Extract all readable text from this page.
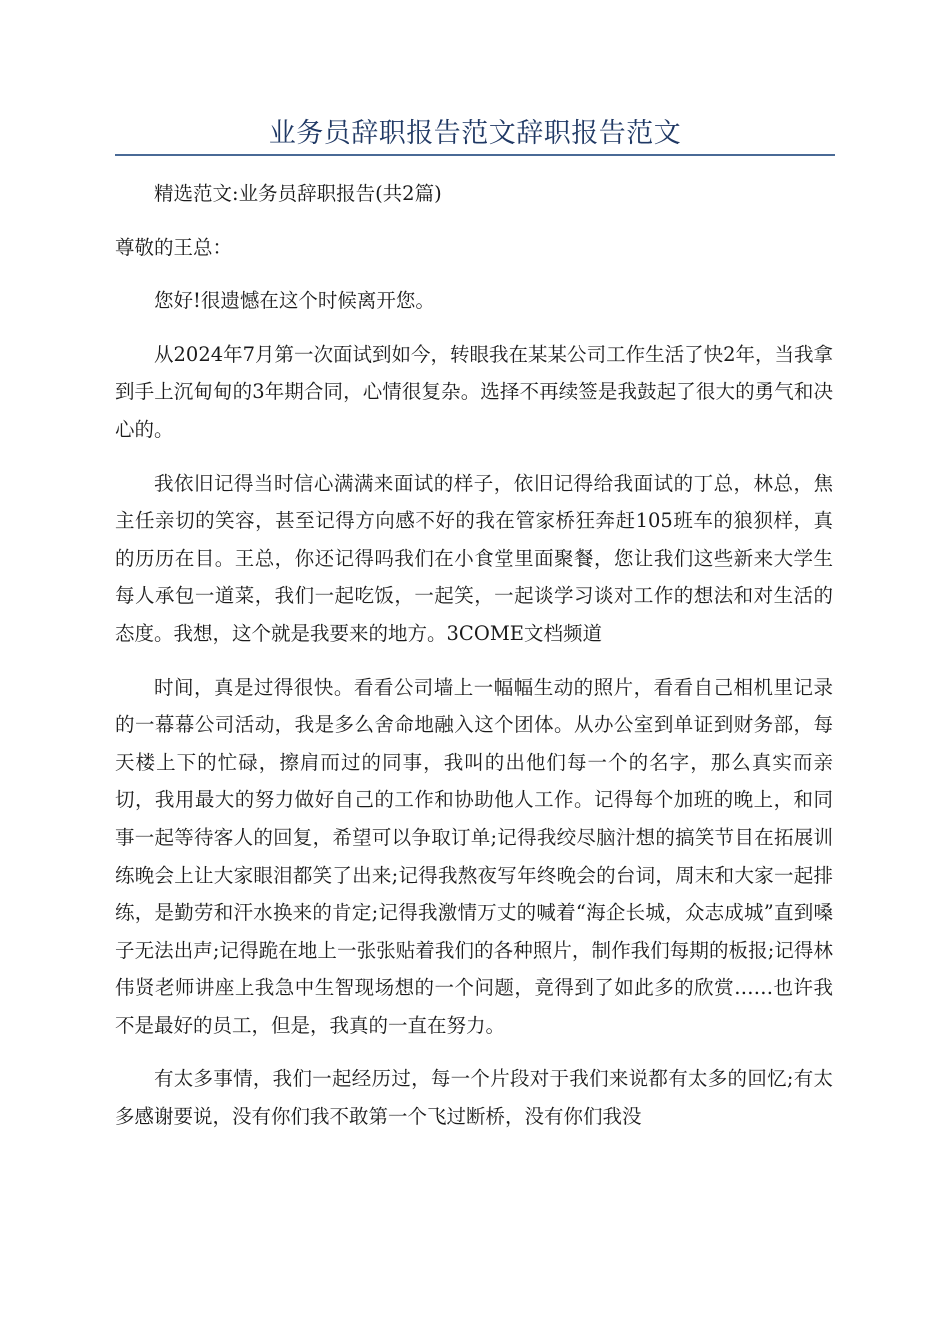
业务员辞职报告范文辞职报告范文

精选范文:业务员辞职报告(共2篇)

尊敬的王总：

您好!很遗憾在这个时候离开您。

从2024年7月第一次面试到如今，转眼我在某某公司工作生活了快2年，当我拿到手上沉甸甸的3年期合同，心情很复杂。选择不再续签是我鼓起了很大的勇气和决心的。

我依旧记得当时信心满满来面试的样子，依旧记得给我面试的丁总，林总，焦主任亲切的笑容，甚至记得方向感不好的我在管家桥狂奔赶105班车的狼狈样，真的历历在目。王总，你还记得吗我们在小食堂里面聚餐，您让我们这些新来大学生每人承包一道菜，我们一起吃饭，一起笑，一起谈学习谈对工作的想法和对生活的态度。我想，这个就是我要来的地方。3COME文档频道

时间，真是过得很快。看看公司墙上一幅幅生动的照片，看看自己相机里记录的一幕幕公司活动，我是多么舍命地融入这个团体。从办公室到单证到财务部，每天楼上下的忙碌，擦肩而过的同事，我叫的出他们每一个的名字，那么真实而亲切，我用最大的努力做好自己的工作和协助他人工作。记得每个加班的晚上，和同事一起等待客人的回复，希望可以争取订单;记得我绞尽脑汁想的搞笑节目在拓展训练晚会上让大家眼泪都笑了出来;记得我熬夜写年终晚会的台词，周末和大家一起排练，是勤劳和汗水换来的肯定;记得我激情万丈的喊着“海企长城，众志成城”直到嗓子无法出声;记得跪在地上一张张贴着我们的各种照片，制作我们每期的板报;记得林伟贤老师讲座上我急中生智现场想的一个问题，竟得到了如此多的欣赏……也许我不是最好的员工，但是，我真的一直在努力。

有太多事情，我们一起经历过，每一个片段对于我们来说都有太多的回忆;有太多感谢要说，没有你们我不敢第一个飞过断桥，没有你们我没
